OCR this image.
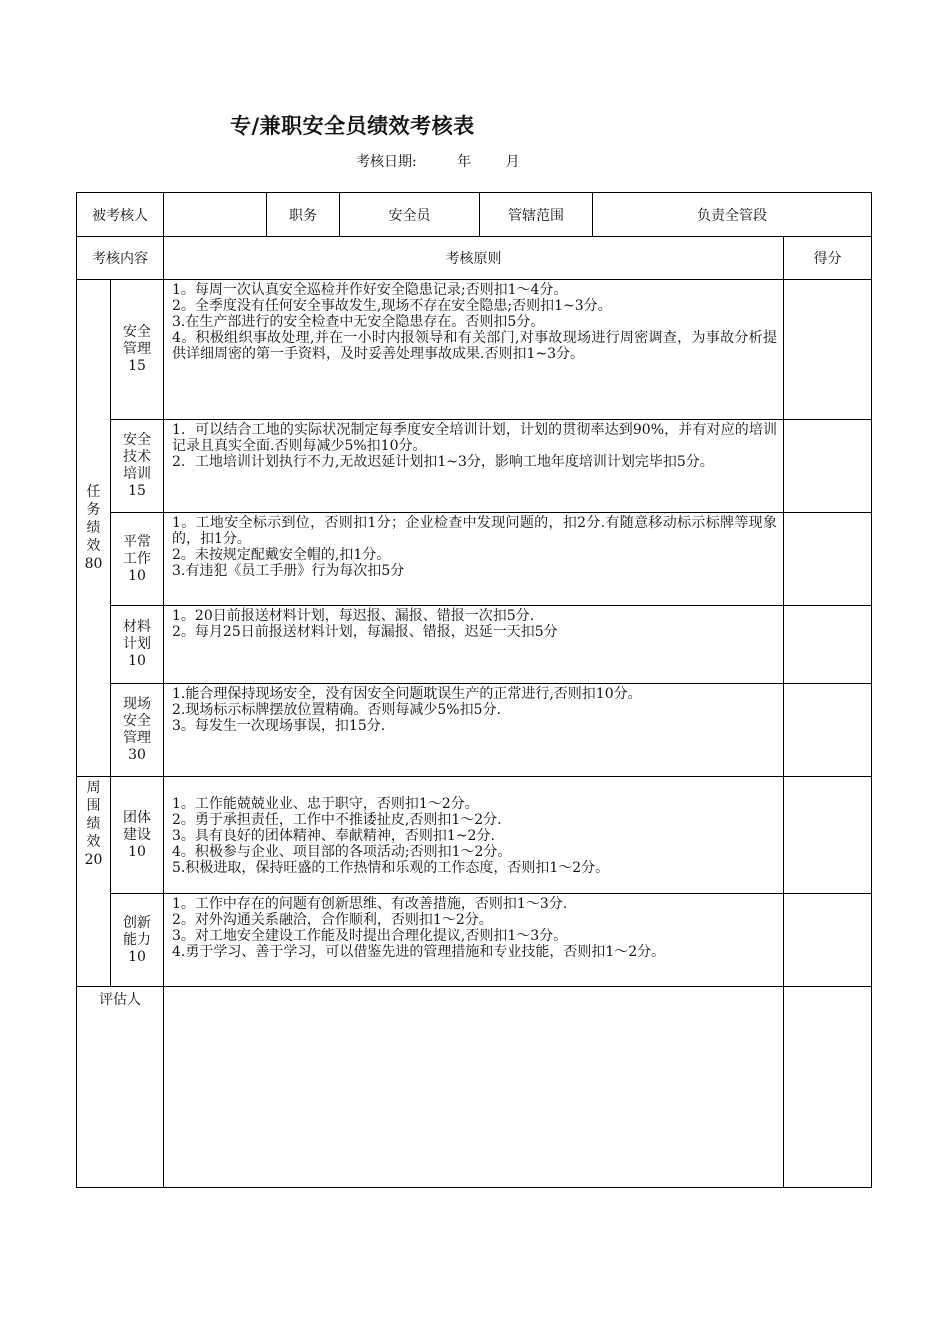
专/兼职安全员绩效考核表
考核日期:	年 月
被考核人			职务	安全员	管辖范围	负责全管段	
考核内容		考核原则					得分

任务绩效80	安全管理15	1。每周一次认真安全巡检并作好安全隐患记录;否则扣1～4分。

2。全季度没有任何安全事故发生,现场不存在安全隐患;否则扣1~3分。

3.在生产部进行的安全检查中无安全隐患存在。否则扣5分。

4。积极组织事故处理,并在一小时内报领导和有关部门,对事故现场进行周密调查，为事故分析提供详细周密的第一手资料，及时妥善处理事故成果.否则扣1~3分。					

	安全技术培训15	1．可以结合工地的实际状况制定每季度安全培训计划，计划的贯彻率达到90%，并有对应的培训记录且真实全面.否则每减少5%扣10分。

2．工地培训计划执行不力,无故迟延计划扣1~3分，影响工地年度培训计划完毕扣5分。					

	平常工作10	1。工地安全标示到位，否则扣1分；企业检查中发现问题的，扣2分.有随意移动标示标牌等现象的，扣1分。

2。未按规定配戴安全帽的,扣1分。

3.有违犯《员工手册》行为每次扣5分					

	材料计划10	1。20日前报送材料计划，每迟报、漏报、错报一次扣5分.

2。每月25日前报送材料计划，每漏报、错报，迟延一天扣5分					

	现场安全管理30	1.能合理保持现场安全，没有因安全问题耽误生产的正常进行,否则扣10分。

2.现场标示标牌摆放位置精确。否则每减少5%扣5分.

3。每发生一次现场事误，扣15分.					

周围绩效20	团体建设10	1。工作能兢兢业业、忠于职守，否则扣1～2分。

2。勇于承担责任，工作中不推诿扯皮,否则扣1～2分.

3。具有良好的团体精神、奉献精神，否则扣1~2分.

4。积极参与企业、项目部的各项活动;否则扣1～2分。

5.积极进取，保持旺盛的工作热情和乐观的工作态度，否则扣1～2分。					

	创新能力10	1。工作中存在的问题有创新思维、有改善措施，否则扣1～3分.

2。对外沟通关系融洽，合作顺利，否则扣1～2分。

3。对工地安全建设工作能及时提出合理化提议,否则扣1～3分。

4.勇于学习、善于学习，可以借鉴先进的管理措施和专业技能，否则扣1～2分。					

评估人							
